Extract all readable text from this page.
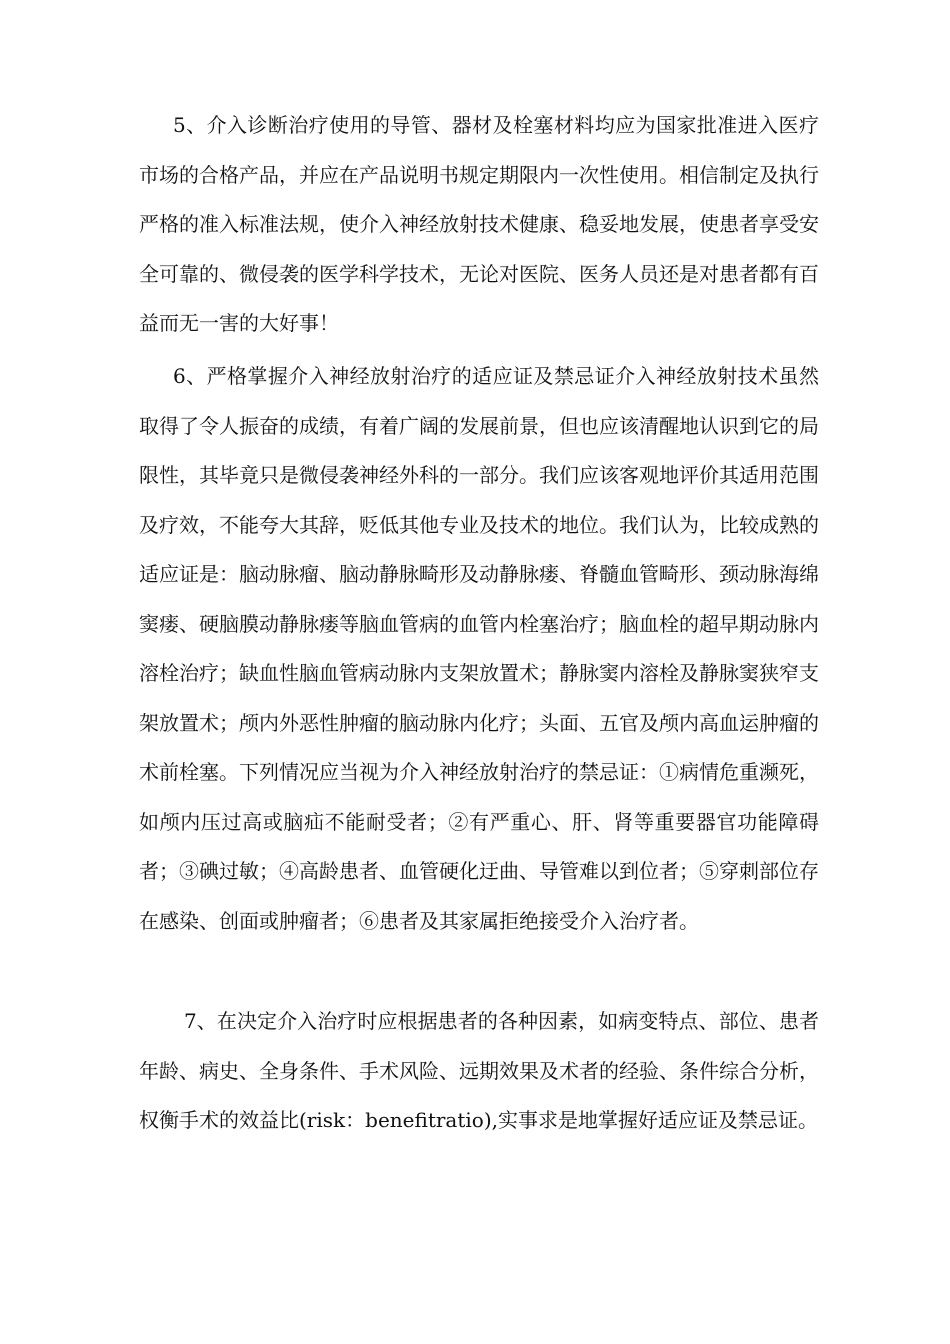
5、介入诊断治疗使用的导管、器材及栓塞材料均应为国家批准进入医疗市场的合格产品，并应在产品说明书规定期限内一次性使用。相信制定及执行严格的准入标准法规，使介入神经放射技术健康、稳妥地发展，使患者享受安全可靠的、微侵袭的医学科学技术，无论对医院、医务人员还是对患者都有百益而无一害的大好事！

6、严格掌握介入神经放射治疗的适应证及禁忌证介入神经放射技术虽然取得了令人振奋的成绩，有着广阔的发展前景，但也应该清醒地认识到它的局限性，其毕竟只是微侵袭神经外科的一部分。我们应该客观地评价其适用范围及疗效，不能夸大其辞，贬低其他专业及技术的地位。我们认为，比较成熟的适应证是：脑动脉瘤、脑动静脉畸形及动静脉瘘、脊髓血管畸形、颈动脉海绵窦瘘、硬脑膜动静脉瘘等脑血管病的血管内栓塞治疗；脑血栓的超早期动脉内溶栓治疗；缺血性脑血管病动脉内支架放置术；静脉窦内溶栓及静脉窦狭窄支架放置术；颅内外恶性肿瘤的脑动脉内化疗；头面、五官及颅内高血运肿瘤的术前栓塞。下列情况应当视为介入神经放射治疗的禁忌证：①病情危重濒死，如颅内压过高或脑疝不能耐受者；②有严重心、肝、肾等重要器官功能障碍者；③碘过敏；④高龄患者、血管硬化迂曲、导管难以到位者；⑤穿刺部位存在感染、创面或肿瘤者；⑥患者及其家属拒绝接受介入治疗者。

7、在决定介入治疗时应根据患者的各种因素，如病变特点、部位、患者年龄、病史、全身条件、手术风险、远期效果及术者的经验、条件综合分析，权衡手术的效益比(risk：benefitratio),实事求是地掌握好适应证及禁忌证。
